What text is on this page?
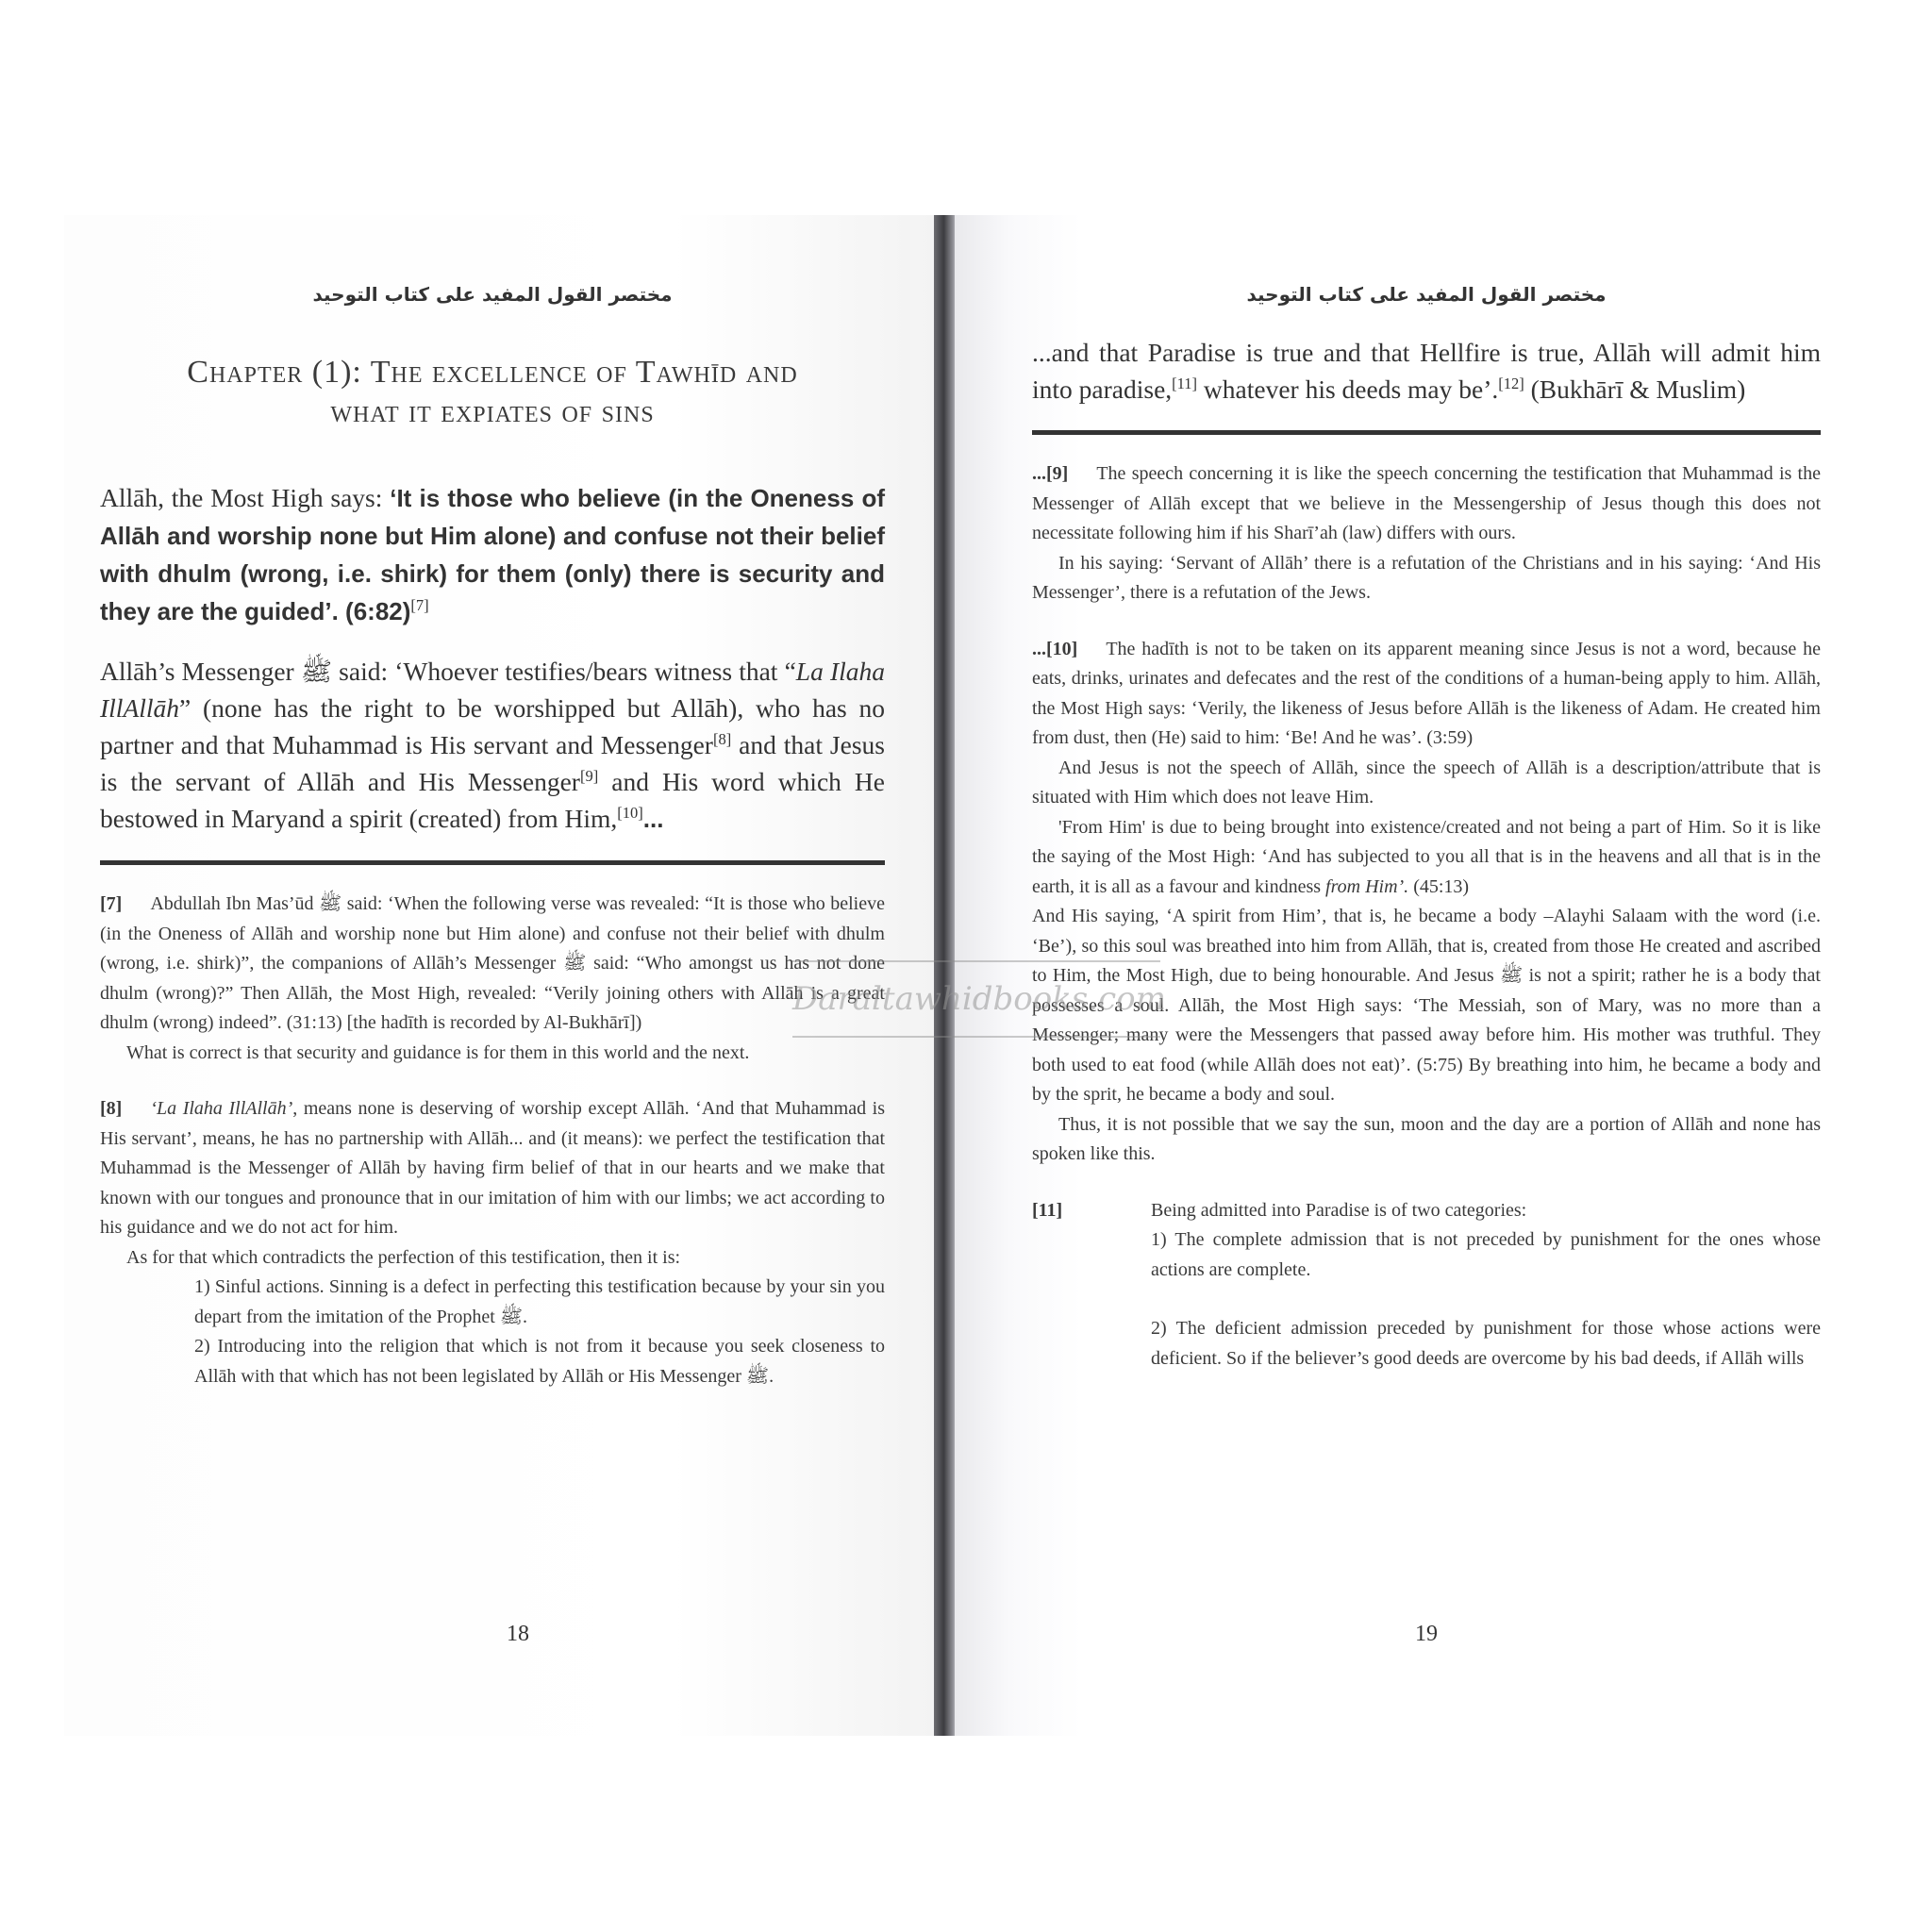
مختصر القول المفيد على كتاب التوحيد
Chapter (1): The excellence of Tawhīd and
what it expiates of sins

Allāh, the Most High says: ‘It is those who believe (in the Oneness of Allāh and worship none but Him alone) and confuse not their belief with dhulm (wrong, i.e. shirk) for them (only) there is security and they are the guided’. (6:82)[7]

Allāh’s Messenger ﷺ said: ‘Whoever testifies/bears witness that “La Ilaha IllAllāh” (none has the right to be worshipped but Allāh), who has no partner and that Muhammad is His servant and Messenger[8] and that Jesus is the servant of Allāh and His Messenger[9] and His word which He bestowed in Maryand a spirit (created) from Him,[10]...

[7] Abdullah Ibn Mas’ūd ﷺ said: ‘When the following verse was revealed: “It is those who believe (in the Oneness of Allāh and worship none but Him alone) and confuse not their belief with dhulm (wrong, i.e. shirk)”, the companions of Allāh’s Messenger ﷺ said: “Who amongst us has not done dhulm (wrong)?” Then Allāh, the Most High, revealed: “Verily joining others with Allāh is a great dhulm (wrong) indeed”. (31:13) [the hadīth is recorded by Al-Bukhārī])

What is correct is that security and guidance is for them in this world and the next.

[8] ‘La Ilaha IllAllāh’, means none is deserving of worship except Allāh. ‘And that Muhammad is His servant’, means, he has no partnership with Allāh... and (it means): we perfect the testification that Muhammad is the Messenger of Allāh by having firm belief of that in our hearts and we make that known with our tongues and pronounce that in our imitation of him with our limbs; we act according to his guidance and we do not act for him.

As for that which contradicts the perfection of this testification, then it is:

1) Sinful actions. Sinning is a defect in perfecting this testification because by your sin you depart from the imitation of the Prophet ﷺ.

2) Introducing into the religion that which is not from it because you seek closeness to Allāh with that which has not been legislated by Allāh or His Messenger ﷺ.

18
مختصر القول المفيد على كتاب التوحيد

...and that Paradise is true and that Hellfire is true, Allāh will admit him into paradise,[11] whatever his deeds may be’.[12] (Bukhārī & Muslim)

...[9] The speech concerning it is like the speech concerning the testification that Muhammad is the Messenger of Allāh except that we believe in the Messengership of Jesus though this does not necessitate following him if his Sharī’ah (law) differs with ours.

In his saying: ‘Servant of Allāh’ there is a refutation of the Christians and in his saying: ‘And His Messenger’, there is a refutation of the Jews.

...[10] The hadīth is not to be taken on its apparent meaning since Jesus is not a word, because he eats, drinks, urinates and defecates and the rest of the conditions of a human-being apply to him. Allāh, the Most High says: ‘Verily, the likeness of Jesus before Allāh is the likeness of Adam. He created him from dust, then (He) said to him: ‘Be! And he was’. (3:59)

And Jesus is not the speech of Allāh, since the speech of Allāh is a description/attribute that is situated with Him which does not leave Him.

'From Him' is due to being brought into existence/created and not being a part of Him. So it is like the saying of the Most High: ‘And has subjected to you all that is in the heavens and all that is in the earth, it is all as a favour and kindness from Him’. (45:13)

And His saying, ‘A spirit from Him’, that is, he became a body –Alayhi Salaam with the word (i.e. ‘Be’), so this soul was breathed into him from Allāh, that is, created from those He created and ascribed to Him, the Most High, due to being honourable. And Jesus ﷺ is not a spirit; rather he is a body that possesses a soul. Allāh, the Most High says: ‘The Messiah, son of Mary, was no more than a Messenger; many were the Messengers that passed away before him. His mother was truthful. They both used to eat food (while Allāh does not eat)’. (5:75) By breathing into him, he became a body and by the sprit, he became a body and soul.

Thus, it is not possible that we say the sun, moon and the day are a portion of Allāh and none has spoken like this.

[11]	Being admitted into Paradise is of two categories:

1) The complete admission that is not preceded by punishment for the ones whose actions are complete.

2) The deficient admission preceded by punishment for those whose actions were deficient. So if the believer’s good deeds are overcome by his bad deeds, if Allāh wills

19
Daraltawhidbooks.com
